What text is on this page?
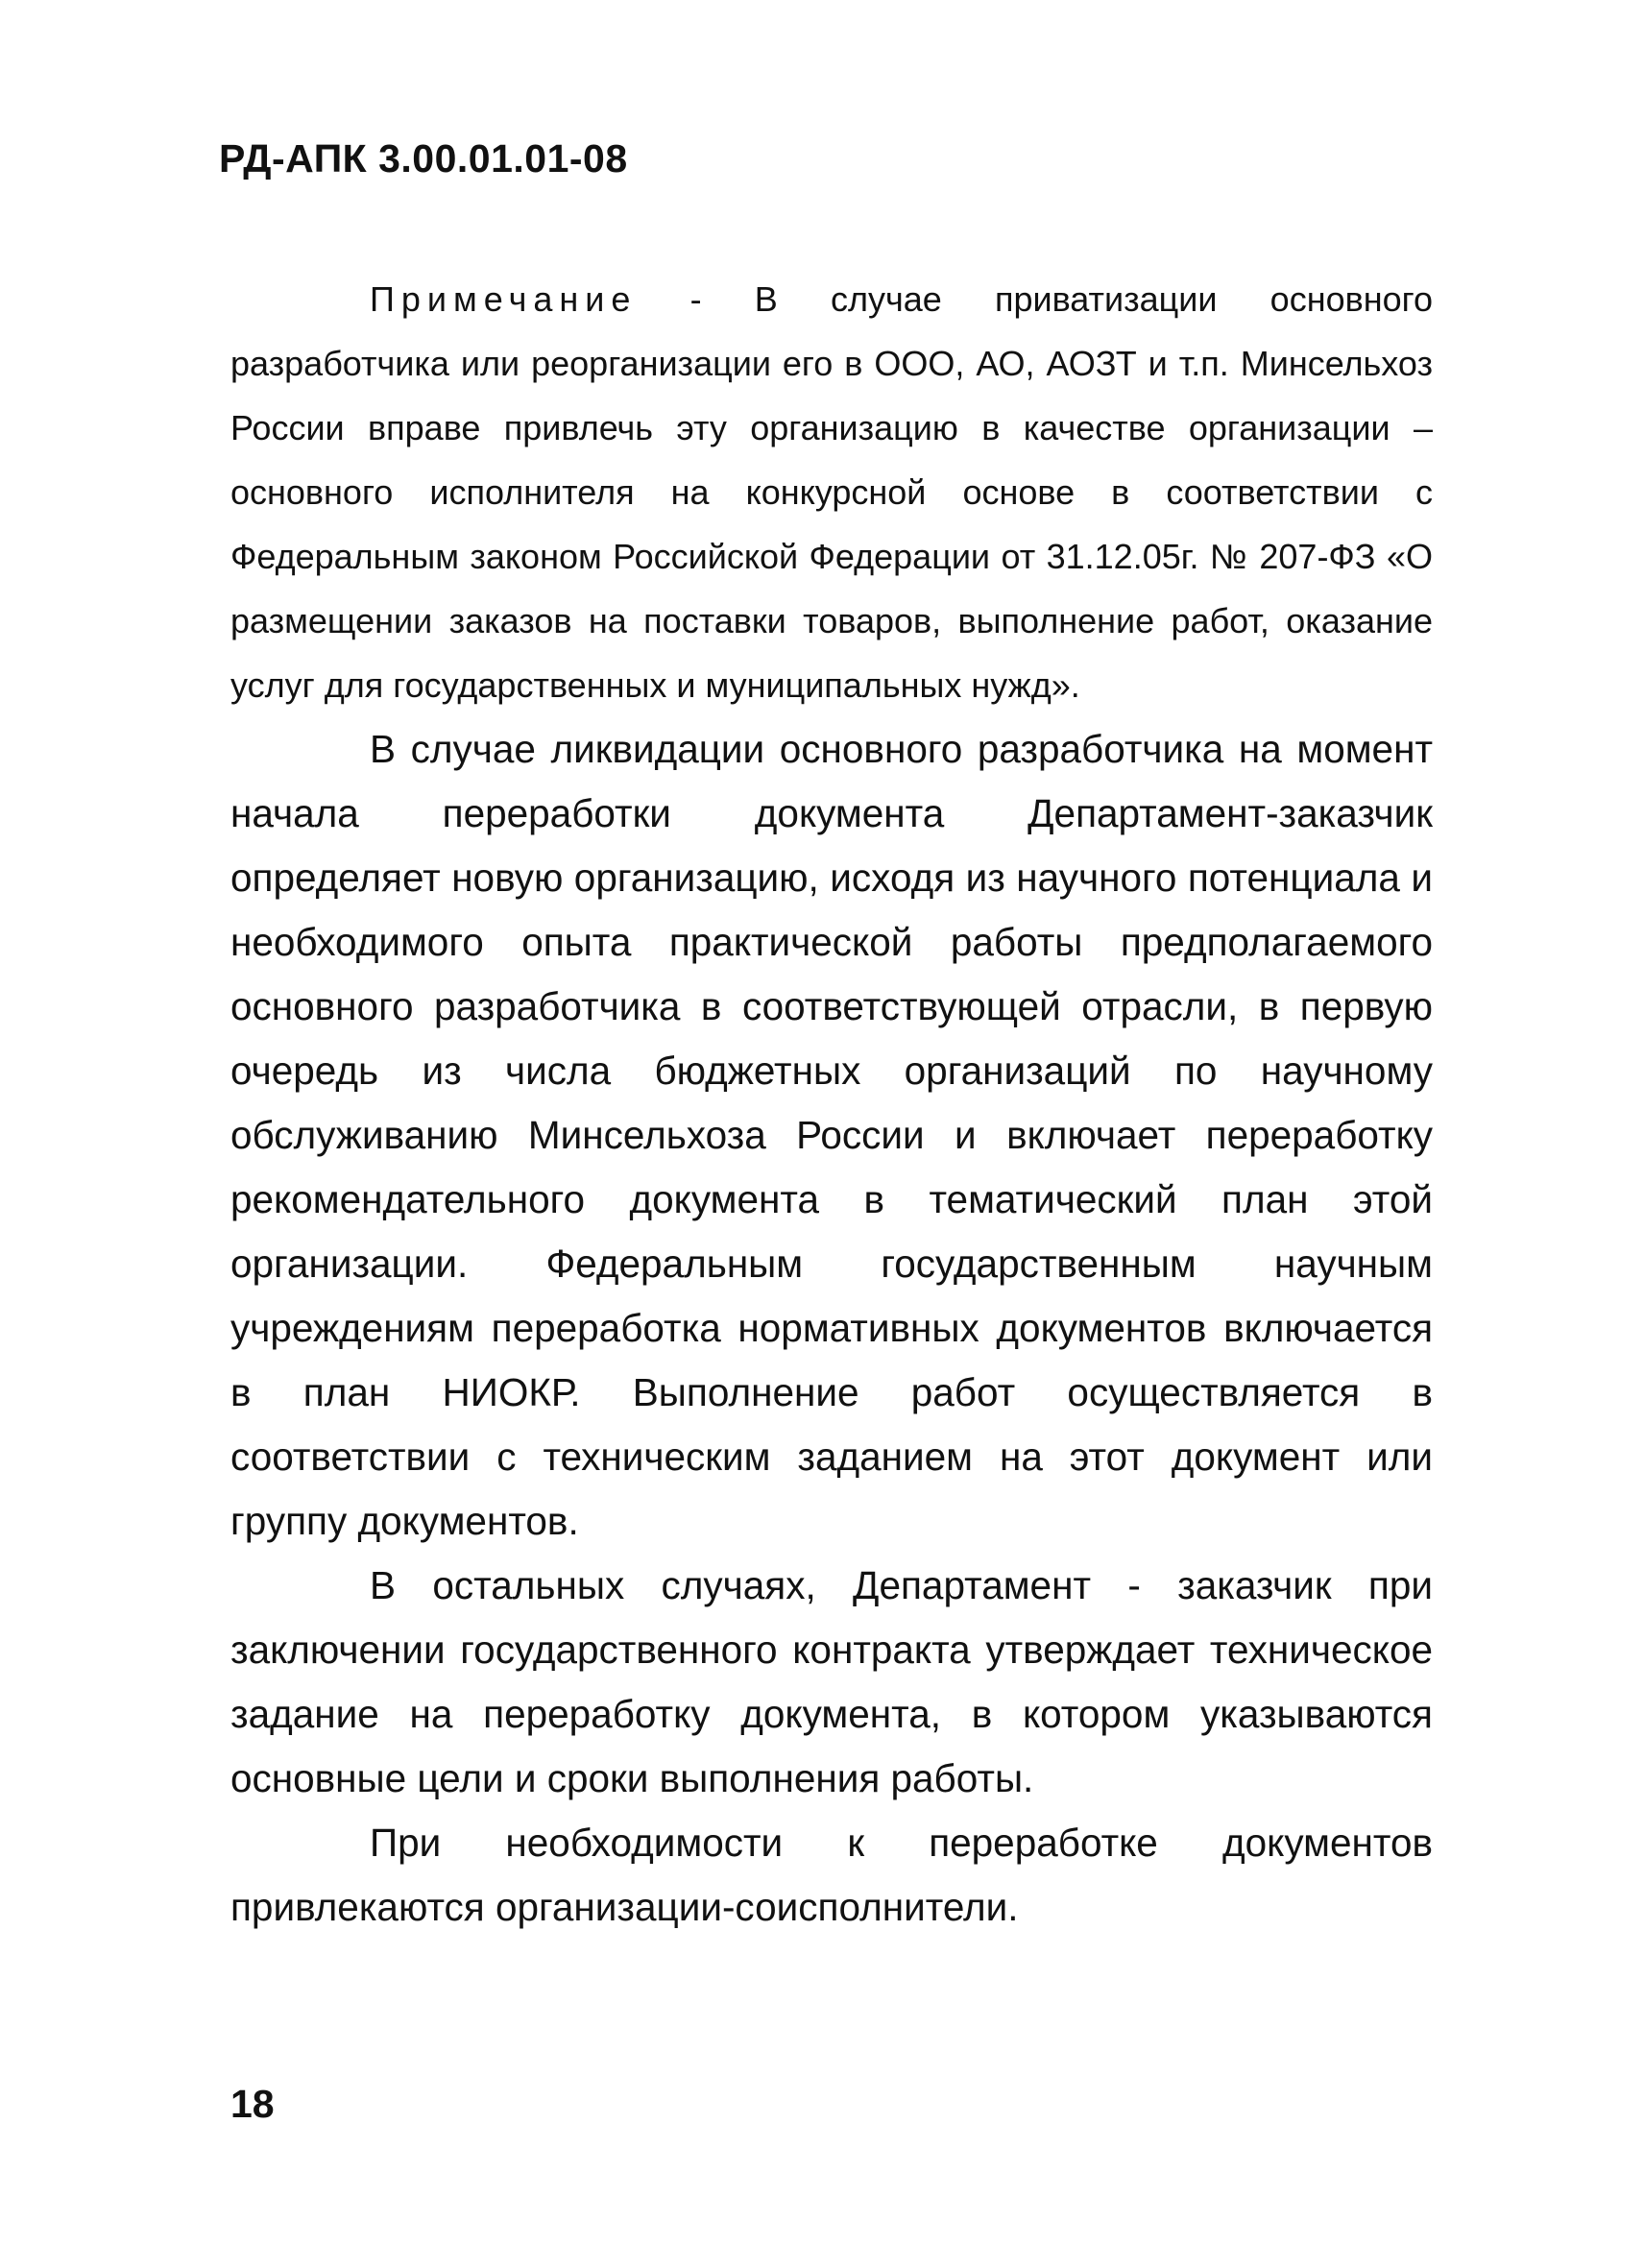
РД-АПК 3.00.01.01-08

Примечание - В случае приватизации основного разработчика или реорганизации его в ООО, АО, АОЗТ и т.п. Минсельхоз России вправе привлечь эту организацию в качестве организации – основного исполнителя на конкурсной основе в соответствии с Федеральным законом Российской Федерации от 31.12.05г. № 207-ФЗ «О размещении заказов на поставки товаров, выполнение работ, оказание услуг для государственных и муниципальных нужд».

В случае ликвидации основного разработчика на момент начала переработки документа Департамент-заказчик определяет новую организацию, исходя из научного потенциала и необходимого опыта практической работы предполагаемого основного разработчика в соответствующей отрасли, в первую очередь из числа бюджетных организаций по научному обслуживанию Минсельхоза России и включает переработку рекомендательного документа в тематический план этой организации. Федеральным государственным научным учреждениям переработка нормативных документов включается в план НИОКР. Выполнение работ осуществляется в соответствии с техническим заданием на этот документ или группу документов.

В остальных случаях, Департамент - заказчик при заключении государственного контракта утверждает техническое задание на переработку документа, в котором указываются основные цели и сроки выполнения работы.

При необходимости к переработке документов привлекаются организации-соисполнители.

18
